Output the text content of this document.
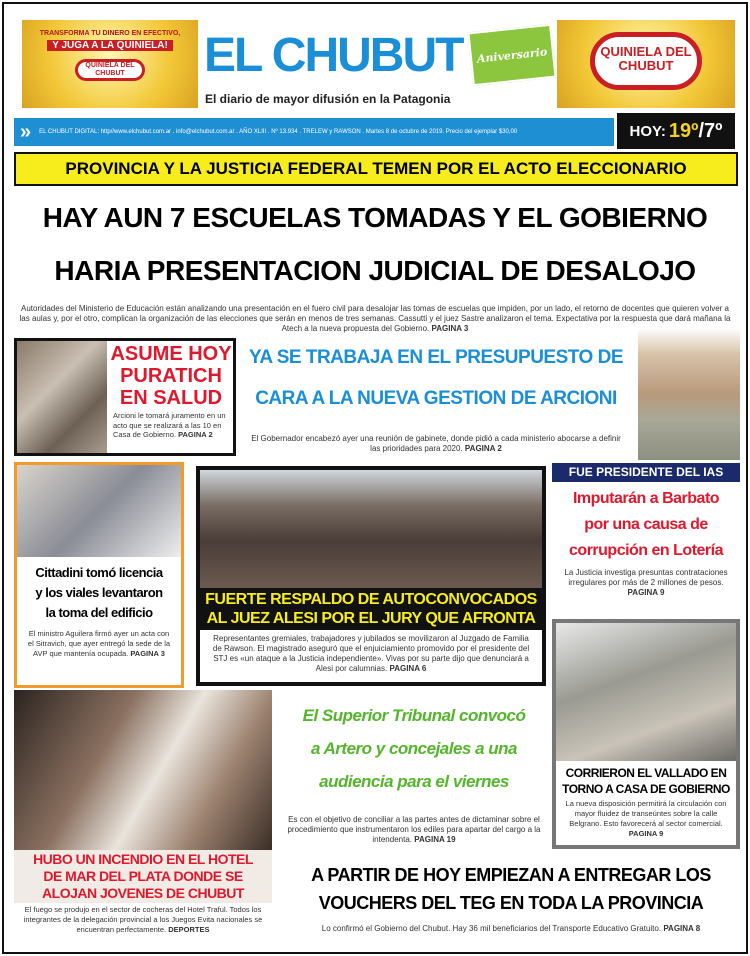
TRANSFORMA TU DINERO EN EFECTIVO,
Y JUGA A LA QUINIELA!
QUINIELA DEL CHUBUT	EL CHUBUT
El diario de mayor difusión en la Patagonia
Aniversario	QUINIELA DEL CHUBUT
» EL CHUBUT DIGITAL: http//www.elchubut.com.ar . info@elchubut.com.ar . AÑO XLIII . Nº 13.934 . TRELEW y RAWSON . Martes 8 de octubre de 2019. Precio del ejemplar $30,00	HOY: 19º /7º
PROVINCIA Y LA JUSTICIA FEDERAL TEMEN POR EL ACTO ELECCIONARIO
HAY AUN 7 ESCUELAS TOMADAS Y EL GOBIERNO
HARIA PRESENTACION JUDICIAL DE DESALOJO

Autoridades del Ministerio de Educación están analizando una presentación en el fuero civil para desalojar las tomas de escuelas que impiden, por un lado, el retorno de docentes que quieren volver a las aulas y, por el otro, complican la organización de las elecciones que serán en menos de tres semanas. Cassutti y el juez Sastre analizaron el tema. Expectativa por la respuesta que dará mañana la Atech a la nueva propuesta del Gobierno. PAGINA 3

ASUME HOY
PURATICH
EN SALUD

Arcioni le tomará juramento en un acto que se realizará a las 10 en Casa de Gobierno. PAGINA 2

YA SE TRABAJA EN EL PRESUPUESTO DE
CARA A LA NUEVA GESTION DE ARCIONI

El Gobernador encabezó ayer una reunión de gabinete, donde pidió a cada ministerio abocarse a definir las prioridades para 2020. PAGINA 2

Cittadini tomó licencia
y los viales levantaron
la toma del edificio

El ministro Aguilera firmó ayer un acta con el Sitravich, que ayer entregó la sede de la AVP que mantenía ocupada. PAGINA 3

FUERTE RESPALDO DE AUTOCONVOCADOS
AL JUEZ ALESI POR EL JURY QUE AFRONTA

Representantes gremiales, trabajadores y jubilados se movilizaron al Juzgado de Familia de Rawson. El magistrado aseguró que el enjuiciamiento promovido por el presidente del STJ es «un ataque a la Justicia independiente». Vivas por su parte dijo que denunciará a Alesi por calumnias. PAGINA 6

FUE PRESIDENTE DEL IAS
Imputarán a Barbato
por una causa de
corrupción en Lotería

La Justicia investiga presuntas contrataciones irregulares por más de 2 millones de pesos.
PAGINA 9

CORRIERON EL VALLADO EN
TORNO A CASA DE GOBIERNO

La nueva disposición permitirá la circulación con mayor fluidez de transeúntes sobre la calle Belgrano. Esto favorecerá al sector comercial.
PAGINA 9

HUBO UN INCENDIO EN EL HOTEL
DE MAR DEL PLATA DONDE SE
ALOJAN JOVENES DE CHUBUT

El fuego se produjo en el sector de cocheras del Hotel Traful. Todos los integrantes de la delegación provincial a los Juegos Evita nacionales se encuentran perfectamente. DEPORTES

El Superior Tribunal convocó
a Artero y concejales a una
audiencia para el viernes

Es con el objetivo de conciliar a las partes antes de dictaminar sobre el procedimiento que instrumentaron los ediles para apartar del cargo a la intendenta. PAGINA 19

A PARTIR DE HOY EMPIEZAN A ENTREGAR LOS
VOUCHERS DEL TEG EN TODA LA PROVINCIA

Lo confirmó el Gobierno del Chubut. Hay 36 mil beneficiarios del Transporte Educativo Gratuito. PAGINA 8
